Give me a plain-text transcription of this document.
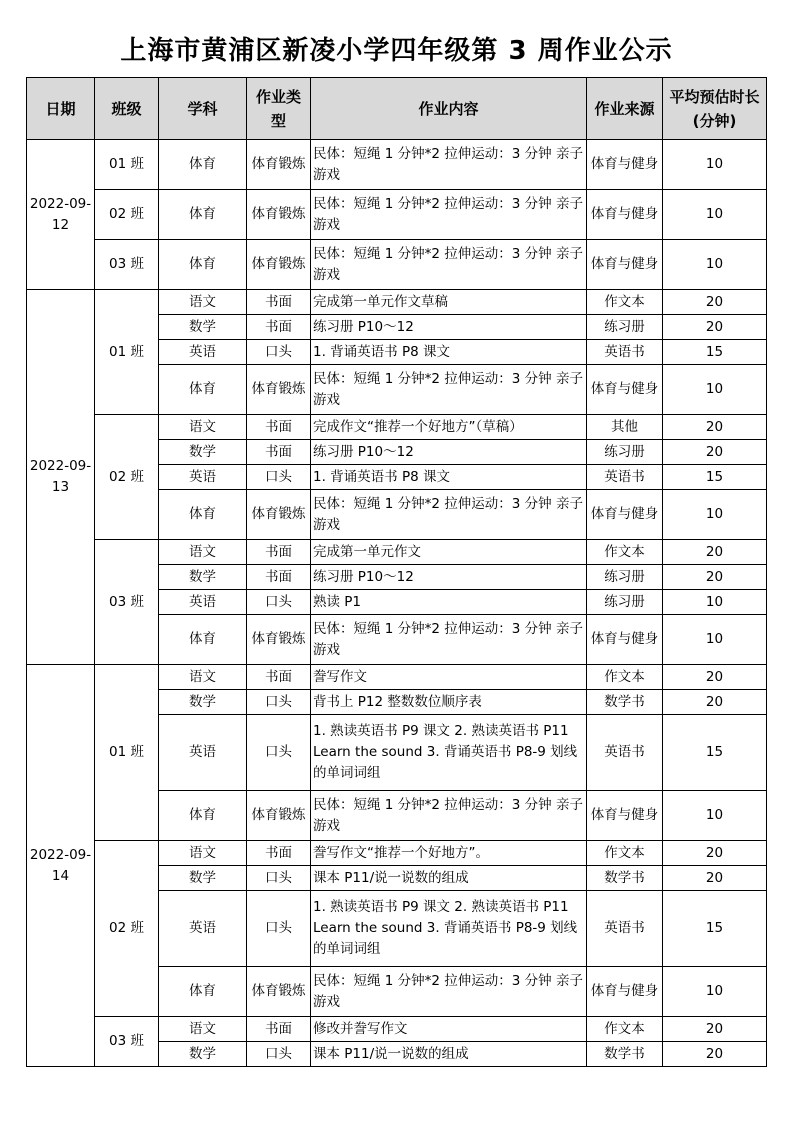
上海市黄浦区新凌小学四年级第 3 周作业公示
日期	班级	学科	作业类型	作业内容	作业来源	平均预估时长(分钟)
2022-09-12	01 班	体育	体育锻炼	民体：短绳 1 分钟*2 拉伸运动：3 分钟 亲子游戏	体育与健身	10
	02 班	体育	体育锻炼	民体：短绳 1 分钟*2 拉伸运动：3 分钟 亲子游戏	体育与健身	10
	03 班	体育	体育锻炼	民体：短绳 1 分钟*2 拉伸运动：3 分钟 亲子游戏	体育与健身	10
2022-09-13	01 班	语文	书面	完成第一单元作文草稿	作文本	20
		数学	书面	练习册 P10～12	练习册	20
		英语	口头	1. 背诵英语书 P8 课文	英语书	15
		体育	体育锻炼	民体：短绳 1 分钟*2 拉伸运动：3 分钟 亲子游戏	体育与健身	10
	02 班	语文	书面	完成作文“推荐一个好地方”（草稿）	其他	20
		数学	书面	练习册 P10～12	练习册	20
		英语	口头	1. 背诵英语书 P8 课文	英语书	15
		体育	体育锻炼	民体：短绳 1 分钟*2 拉伸运动：3 分钟 亲子游戏	体育与健身	10
	03 班	语文	书面	完成第一单元作文	作文本	20
		数学	书面	练习册 P10～12	练习册	20
		英语	口头	熟读 P1	练习册	10
		体育	体育锻炼	民体：短绳 1 分钟*2 拉伸运动：3 分钟 亲子游戏	体育与健身	10
2022-09-14	01 班	语文	书面	誊写作文	作文本	20
		数学	口头	背书上 P12 整数数位顺序表	数学书	20
		英语	口头	1. 熟读英语书 P9 课文 2. 熟读英语书 P11 Learn the sound 3. 背诵英语书 P8-9 划线的单词词组	英语书	15
		体育	体育锻炼	民体：短绳 1 分钟*2 拉伸运动：3 分钟 亲子游戏	体育与健身	10
	02 班	语文	书面	誊写作文“推荐一个好地方”。	作文本	20
		数学	口头	课本 P11/说一说数的组成	数学书	20
		英语	口头	1. 熟读英语书 P9 课文 2. 熟读英语书 P11 Learn the sound 3. 背诵英语书 P8-9 划线的单词词组	英语书	15
		体育	体育锻炼	民体：短绳 1 分钟*2 拉伸运动：3 分钟 亲子游戏	体育与健身	10
	03 班	语文	书面	修改并誊写作文	作文本	20
		数学	口头	课本 P11/说一说数的组成	数学书	20
